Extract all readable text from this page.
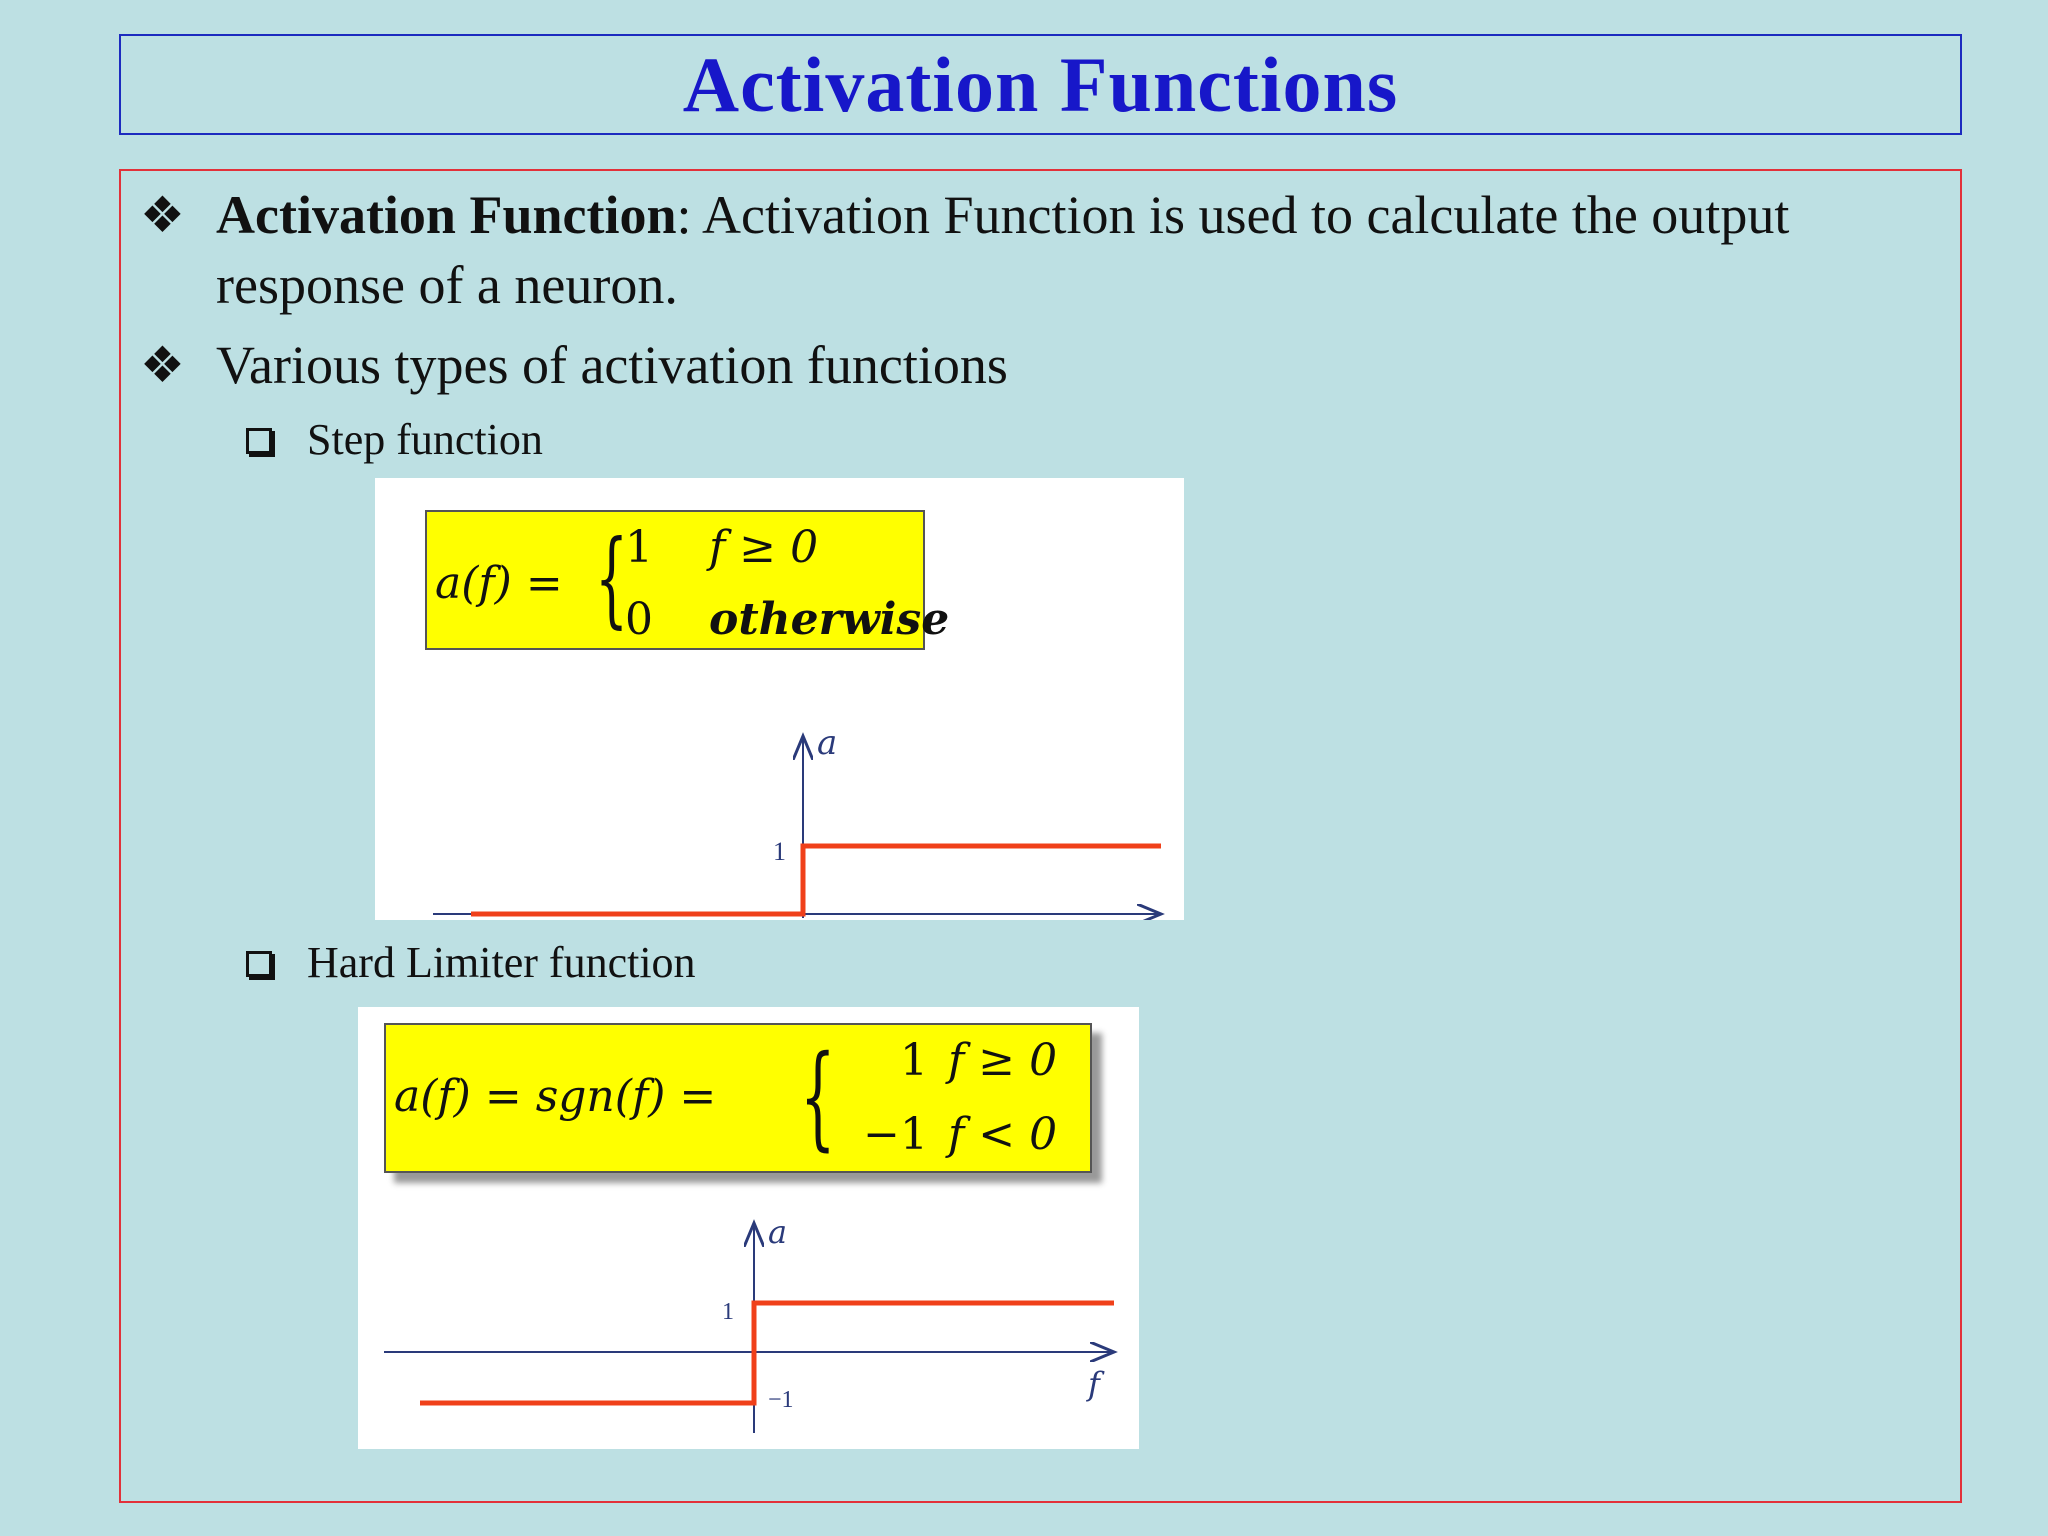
Activation Functions
❖ Activation Function: Activation Function is used to calculate the output
response of a neuron.
❖ Various types of activation functions
Step function
a(f) = {
1 f ≥ 0
0 otherwise
a
1
Hard Limiter function
a(f) = sgn(f) = {	1 f ≥ 0
−1 f < 0
a
f
1
−1
